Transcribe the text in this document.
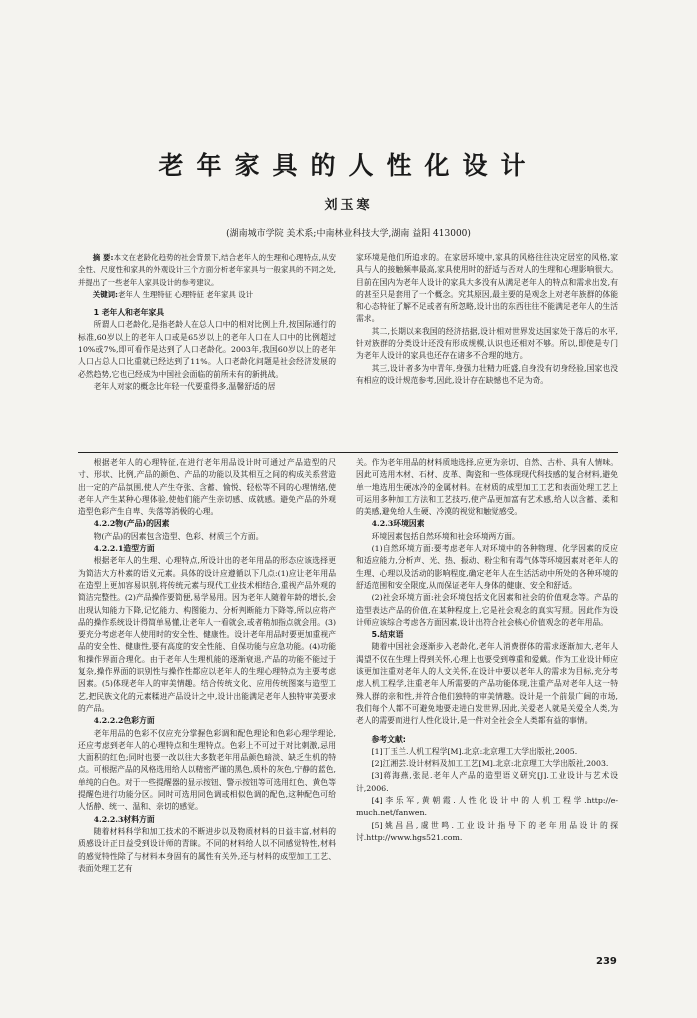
老年家具的人性化设计
刘玉寒
(湖南城市学院 美术系;中南林业科技大学,湖南 益阳 413000)

摘 要:本文在老龄化趋势的社会背景下,结合老年人的生理和心理特点,从安全性、尺度性和家具的外观设计三个方面分析老年家具与一般家具的不同之处,并提出了一些老年人家具设计的参考建议。

关键词:老年人 生理特征 心理特征 老年家具 设计

1 老年人和老年家具

所谓人口老龄化,是指老龄人在总人口中的相对比例上升,按国际通行的标准,60岁以上的老年人口或是65岁以上的老年人口在人口中的比例超过10%或7%,即可看作是达到了人口老龄化。2003年,我国60岁以上的老年人口占总人口比重就已经达到了11%。人口老龄化问题是社会经济发展的必然趋势,它也已经成为中国社会面临的前所未有的新挑战。

老年人对家的概念比年轻一代要重得多,温馨舒适的居

家环境是他们所追求的。在家居环境中,家具的风格往往决定居室的风格,家具与人的接触频率最高,家具使用时的舒适与否对人的生理和心理影响很大。目前在国内为老年人设计的家具大多没有从满足老年人的特点和需求出发,有的甚至只是套用了一个概念。究其原因,最主要的是观念上对老年族群的体能和心态特征了解不足或者有所忽略,设计出的东西往往不能满足老年人的生活需求。

其二,长期以来我国的经济拮据,设计相对世界发达国家处于落后的水平,针对族群的分类设计还没有形成规模,认识也还相对不够。所以,即使是专门为老年人设计的家具也还存在诸多不合理的地方。

其三,设计者多为中青年,身强力壮精力旺盛,自身没有切身经验,国家也没有相应的设计规范参考,因此,设计存在缺憾也不足为奇。

根据老年人的心理特征,在进行老年用品设计时可通过产品造型的尺寸、形状、比例,产品的颜色、产品的功能以及其相互之间的构成关系营造出一定的产品氛围,使人产生夺张、含蓄、愉悦、轻松等不同的心理情绪,使老年人产生某种心理体验,使他们能产生亲切感、成就感。避免产品的外观造型色彩产生自卑、失落等消极的心理。

4.2.2物(产品)的因素

物(产品)的因素包含造型、色彩、材质三个方面。

4.2.2.1造型方面

根据老年人的生理、心理特点,所设计出的老年用品的形态应该选择更为简洁大方朴素的语义元素。具体的设计应遵循以下几点:(1)应让老年用品在造型上更加容易识别,将传统元素与现代工业技术相结合,重视产品外观的简洁完整性。(2)产品操作要简便,易学易用。因为老年人随着年龄的增长,会出现认知能力下降,记忆能力、构图能力、分析判断能力下降等,所以应将产品的操作系统设计得简单易懂,让老年人一看就会,或者稍加指点就会用。(3)要充分考虑老年人使用时的安全性、健康性。设计老年用品时要更加重视产品的安全性、健康性,要有高度的安全性能、自保功能与应急功能。(4)功能和操作界面合理化。由于老年人生理机能的逐渐衰退,产品的功能不能过于复杂,操作界面的识别性与操作性都应以老年人的生理心理特点为主要考虑因素。(5)体现老年人的审美情趣。结合传统文化、应用传统图案与造型工艺,把民族文化的元素糅进产品设计之中,设计出能满足老年人独特审美要求的产品。

4.2.2.2色彩方面

老年用品的色彩不仅应充分掌握色彩调和配色理论和色彩心理学理论,还应考虑到老年人的心理特点和生理特点。色彩上不可过于对比刺激,忌用大面积的红色;同时也要一改以往大多数老年用品颜色暗淡、缺乏生机的特点。可根据产品的风格选用给人以精密严谨的黑色,质朴的灰色,宁静的蓝色,单纯的白色。对于一些提醒器的显示按钮、警示按钮等可选用红色、黄色等提醒色进行功能分区。同时可选用同色调或相似色调的配色,这种配色可给人恬静、统一、温和、亲切的感觉。

4.2.2.3材料方面

随着材料科学和加工技术的不断进步以及物质材料的日益丰富,材料的质感设计正日益受到设计师的青睐。不同的材料给人以不同感觉特性,材料的感觉特性除了与材料本身固有的属性有关外,还与材料的成型加工工艺、表面处理工艺有

关。作为老年用品的材料质地选择,应更为亲切、自然、古朴、具有人情味。因此可选用木材、石材、皮革、陶瓷和一些体现现代科技感的复合材料,避免单一地选用生硬冰冷的金属材料。在材质的成型加工工艺和表面处理工艺上可运用多种加工方法和工艺技巧,使产品更加富有艺术感,给人以含蓄、柔和的美感,避免给人生硬、冷漠的视觉和触觉感受。

4.2.3环境因素

环境因素包括自然环境和社会环境两方面。

(1)自然环境方面:要考虑老年人对环境中的各种物理、化学因素的反应和适应能力,分析声、光、热、振动、粉尘和有毒气体等环境因素对老年人的生理、心理以及活动的影响程度,确定老年人在生活活动中所处的各种环境的舒适范围和安全限度,从而保证老年人身体的健康、安全和舒适。

(2)社会环境方面:社会环境包括文化因素和社会的价值观念等。产品的造型表达产品的价值,在某种程度上,它是社会观念的真实写照。因此作为设计师应该综合考虑各方面因素,设计出符合社会核心价值观念的老年用品。

5.结束语

随着中国社会逐渐步入老龄化,老年人消费群体的需求逐渐加大,老年人渴望不仅在生理上得到关怀,心理上也要受到尊重和爱戴。作为工业设计师应该更加注重对老年人的人文关怀,在设计中要以老年人的需求为目标,充分考虑人机工程学,注重老年人所需要的产品功能体现,注重产品对老年人这一特殊人群的亲和性,并符合他们独特的审美情趣。设计是一个前景广阔的市场,我们每个人都不可避免地要走进白发世界,因此,关爱老人就是关爱全人类,为老人的需要而进行人性化设计,是一件对全社会全人类都有益的事情。

参考文献:

[1]丁玉兰.人机工程学[M].北京:北京理工大学出版社,2005.

[2]江湘芸.设计材料及加工工艺[M].北京:北京理工大学出版社,2003.

[3]蒋海燕,张昆.老年人产品的造型语义研究[J].工业设计与艺术设计,2006.

[4]李乐军,黄朝霞.人性化设计中的人机工程学.http://e-much.net/fanwen.

[5]姚昌昌,虞世鸣.工业设计指导下的老年用品设计的探讨.http://www.hgs521.com.

239
